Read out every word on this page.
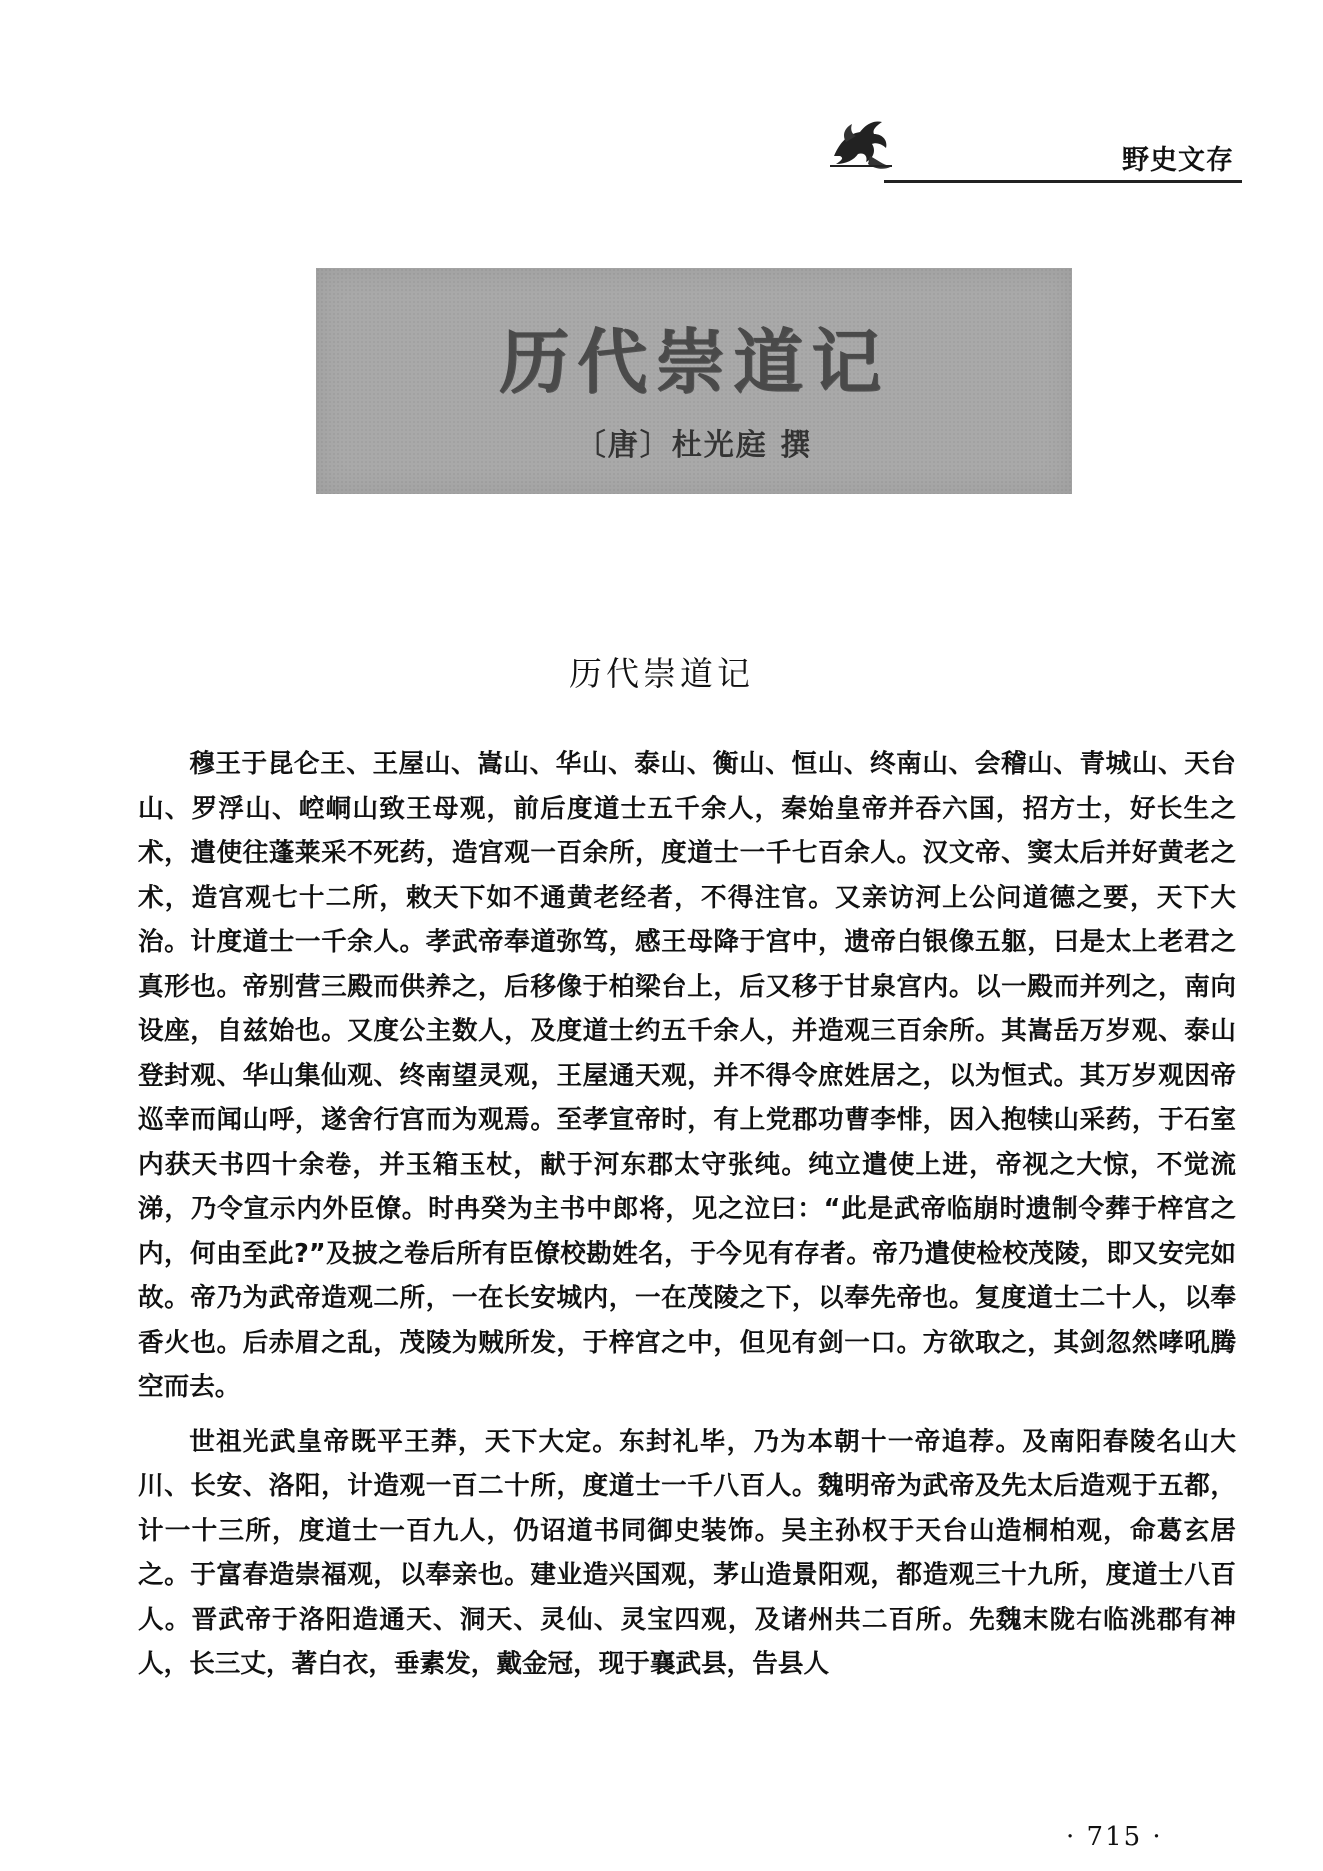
野史文存
历代崇道记
〔唐〕杜光庭 撰
历代崇道记

穆王于昆仑王、王屋山、嵩山、华山、泰山、衡山、恒山、终南山、会稽山、青城山、天台山、罗浮山、崆峒山致王母观，前后度道士五千余人，秦始皇帝并吞六国，招方士，好长生之术，遣使往蓬莱采不死药，造宫观一百余所，度道士一千七百余人。汉文帝、窦太后并好黄老之术，造宫观七十二所，敕天下如不通黄老经者，不得注官。又亲访河上公问道德之要，天下大治。计度道士一千余人。孝武帝奉道弥笃，感王母降于宫中，遗帝白银像五躯，曰是太上老君之真形也。帝别营三殿而供养之，后移像于柏梁台上，后又移于甘泉宫内。以一殿而并列之，南向设座，自兹始也。又度公主数人，及度道士约五千余人，并造观三百余所。其嵩岳万岁观、泰山登封观、华山集仙观、终南望灵观，王屋通天观，并不得令庶姓居之，以为恒式。其万岁观因帝巡幸而闻山呼，遂舍行宫而为观焉。至孝宣帝时，有上党郡功曹李悱，因入抱犊山采药，于石室内获天书四十余卷，并玉箱玉杖，献于河东郡太守张纯。纯立遣使上进，帝视之大惊，不觉流涕，乃令宣示内外臣僚。时冉癸为主书中郎将，见之泣曰：“此是武帝临崩时遗制令葬于梓宫之内，何由至此?”及披之卷后所有臣僚校勘姓名，于今见有存者。帝乃遣使检校茂陵，即又安完如故。帝乃为武帝造观二所，一在长安城内，一在茂陵之下，以奉先帝也。复度道士二十人，以奉香火也。后赤眉之乱，茂陵为贼所发，于梓宫之中，但见有剑一口。方欲取之，其剑忽然哮吼腾空而去。

世祖光武皇帝既平王莽，天下大定。东封礼毕，乃为本朝十一帝追荐。及南阳春陵名山大川、长安、洛阳，计造观一百二十所，度道士一千八百人。魏明帝为武帝及先太后造观于五都，计一十三所，度道士一百九人，仍诏道书同御史装饰。吴主孙权于天台山造桐柏观，命葛玄居之。于富春造崇福观，以奉亲也。建业造兴国观，茅山造景阳观，都造观三十九所，度道士八百人。晋武帝于洛阳造通天、洞天、灵仙、灵宝四观，及诸州共二百所。先魏末陇右临洮郡有神人，长三丈，著白衣，垂素发，戴金冠，现于襄武县，告县人

· 715 ·
